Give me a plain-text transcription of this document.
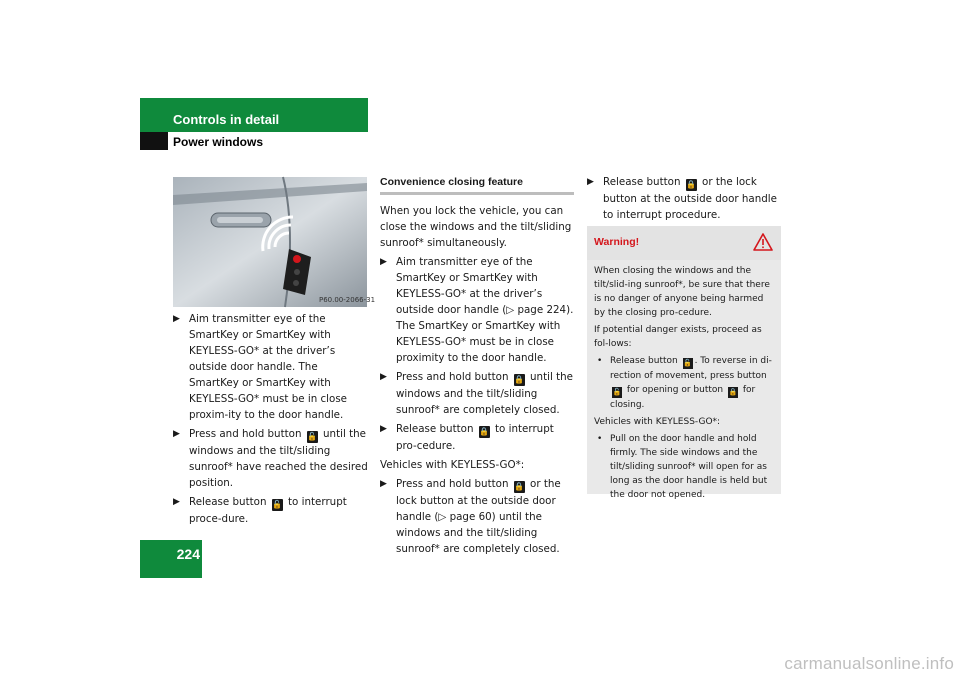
Controls in detail
Power windows
224
P60.00-2066-31
▶ Aim transmitter eye of the SmartKey or SmartKey with KEYLESS-GO* at the driver’s outside door handle. The SmartKey or SmartKey with KEYLESS-GO* must be in close proxim-ity to the door handle.
▶ Press and hold button 🔓 until the windows and the tilt/sliding sunroof* have reached the desired position.
▶ Release button 🔓 to interrupt proce-dure.

Convenience closing feature

When you lock the vehicle, you can close the windows and the tilt/sliding sunroof* simultaneously.

▶ Aim transmitter eye of the SmartKey or SmartKey with KEYLESS-GO* at the driver’s outside door handle (▷ page 224). The SmartKey or SmartKey with KEYLESS-GO* must be in close proximity to the door handle.
▶ Press and hold button 🔒 until the windows and the tilt/sliding sunroof* are completely closed.
▶ Release button 🔒 to interrupt pro-cedure.

Vehicles with KEYLESS-GO*:

▶ Press and hold button 🔒 or the lock button at the outside door handle (▷ page 60) until the windows and the tilt/sliding sunroof* are completely closed.
▶ Release button 🔒 or the lock button at the outside door handle to interrupt procedure.
Warning!

When closing the windows and the tilt/slid-ing sunroof*, be sure that there is no danger of anyone being harmed by the closing pro-cedure.

If potential danger exists, proceed as fol-lows:

• Release button 🔓 . To reverse in di-rection of movement, press button 🔓 for opening or button 🔒 for closing.

Vehicles with KEYLESS-GO*:

• Pull on the door handle and hold firmly. The side windows and the tilt/sliding sunroof* will open for as long as the door handle is held but the door not opened.
carmanualsonline.info
